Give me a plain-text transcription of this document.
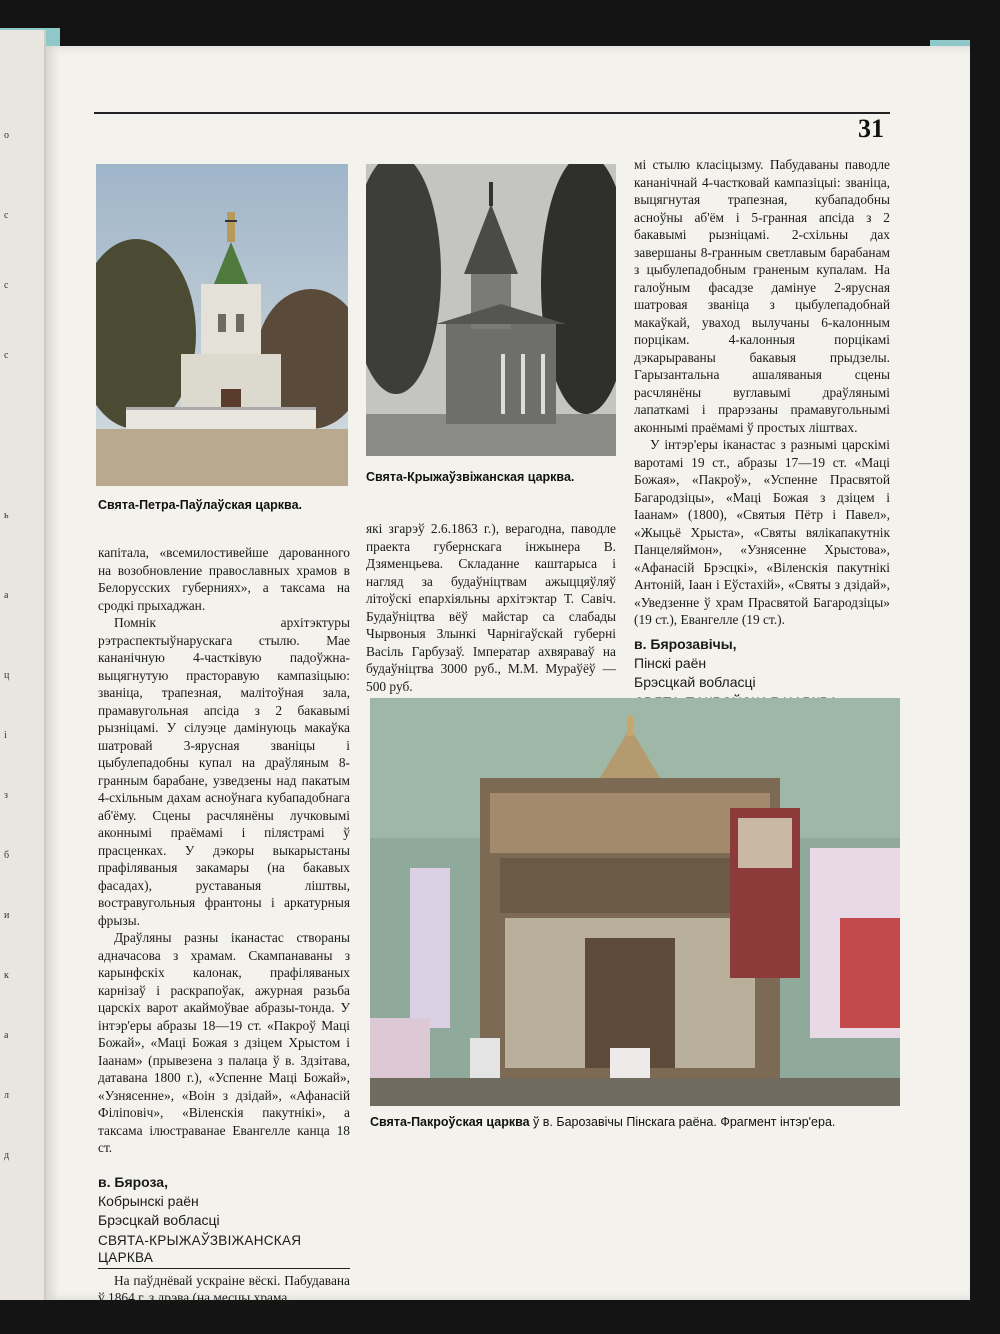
о
с
с
с
ь
а
ц
і
з
б
и
к
а
л
д
31
Свята-Петра-Паўлаўская царква.
Свята-Крыжаўзвіжанская царква.

капітала, «всемилостивейше дарованного на возобновление православных храмов в Белорусских губерниях», а таксама на сродкі прыхаджан.

Помнік архітэктуры рэтраспектыўнарускага стылю. Мае кананічную 4-частківую падоўжна-выцягнутую прасторавую кампазіцыю: званіца, трапезная, малітоўная зала, прамавугольная апсіда з 2 бакавымі рызніцамі. У сілуэце дамінуюць макаўка шатровай 3-ярусная званіцы і цыбулепадобны купал на драўляным 8-гранным барабане, узведзены над пакатым 4-схільным дахам асноўнага кубападобнага аб'ёму. Сцены расчлянёны лучковымі аконнымі праёмамі і пілястрамі ў прасценках. У дэкоры выкарыстаны прафіляваныя закамары (на бакавых фасадах), руставаныя ліштвы, востравугольныя франтоны і аркатурныя фрызы.

Драўляны разны іканастас створаны адначасова з храмам. Скампанаваны з карынфскіх калонак, прафіляваных карнізаў і раскрапоўак, ажурная разьба царскіх варот акаймоўвае абразы-тонда. У інтэр'еры абразы 18—19 ст. «Пакроў Маці Божай», «Маці Божая з дзіцем Хрыстом і Іаанам» (прывезена з палаца ў в. Здзітава, датавана 1800 г.), «Успенне Маці Божай», «Узнясенне», «Воін з дзідай», «Афанасій Філіповіч», «Віленскія пакутнікі», а таксама ілюстраванае Евангелле канца 18 ст.

в. Бяроза,
Кобрынскі раён
Брэсцкай вобласці
СВЯТА-КРЫЖАЎЗВІЖАНСКАЯ ЦАРКВА

На паўднёвай ускраіне вёскі. Пабудавана ў 1864 г. з дрэва (на месцы храма,

які згарэў 2.6.1863 г.), верагодна, паводле праекта губернскага інжынера В. Дзяменцьева. Складанне каштарыса і нагляд за будаўніцтвам ажыццяўляў літоўскі епархіяльны архітэктар Т. Савіч. Будаўніцтва вёў майстар са слабады Чырвоныя Злынкі Чарнігаўскай губерні Васіль Гарбузаў. Імператар ахвяраваў на будаўніцтва 3000 руб., М.М. Мураўёў — 500 руб.

мі стылю класіцызму. Пабудаваны паводле кананічнай 4-частковай кампазіцыі: званіца, выцягнутая трапезная, кубападобны асноўны аб'ём і 5-гранная апсіда з 2 бакавымі рызніцамі. 2-схільны дах завершаны 8-гранным светлавым барабанам з цыбулепадобным граненым купалам. На галоўным фасадзе дамінуе 2-ярусная шатровая званіца з цыбулепадобнай макаўкай, уваход вылучаны 6-калонным порцікам. 4-калонныя порцікамі дэкарыраваны бакавыя прыдзелы. Гарызантальна ашаляваныя сцены расчлянёны вуглавымі драўлянымі лапаткамі і прарэзаны прамавугольнымі аконнымі праёмамі ў простых ліштвах.

У інтэр'еры іканастас з разнымі царскімі варотамі 19 ст., абразы 17—19 ст. «Маці Божая», «Пакроў», «Успенне Прасвятой Багародзіцы», «Маці Божая з дзіцем і Іаанам» (1800), «Святыя Пётр і Павел», «Жыцьё Хрыста», «Святы вялікапакутнік Панцеляймон», «Узнясенне Хрыстова», «Афанасій Брэсцкі», «Віленскія пакутнікі Антоній, Іаан і Еўстахій», «Святы з дзідай», «Уведзенне ў храм Прасвятой Багародзіцы» (19 ст.), Евангелле (19 ст.).

в. Бярозавічы,
Пінскі раён
Брэсцкай вобласці

Свята-Пакроўская царква ў в. Барозавічы Пінскага раёна. Фрагмент інтэр'ера.
